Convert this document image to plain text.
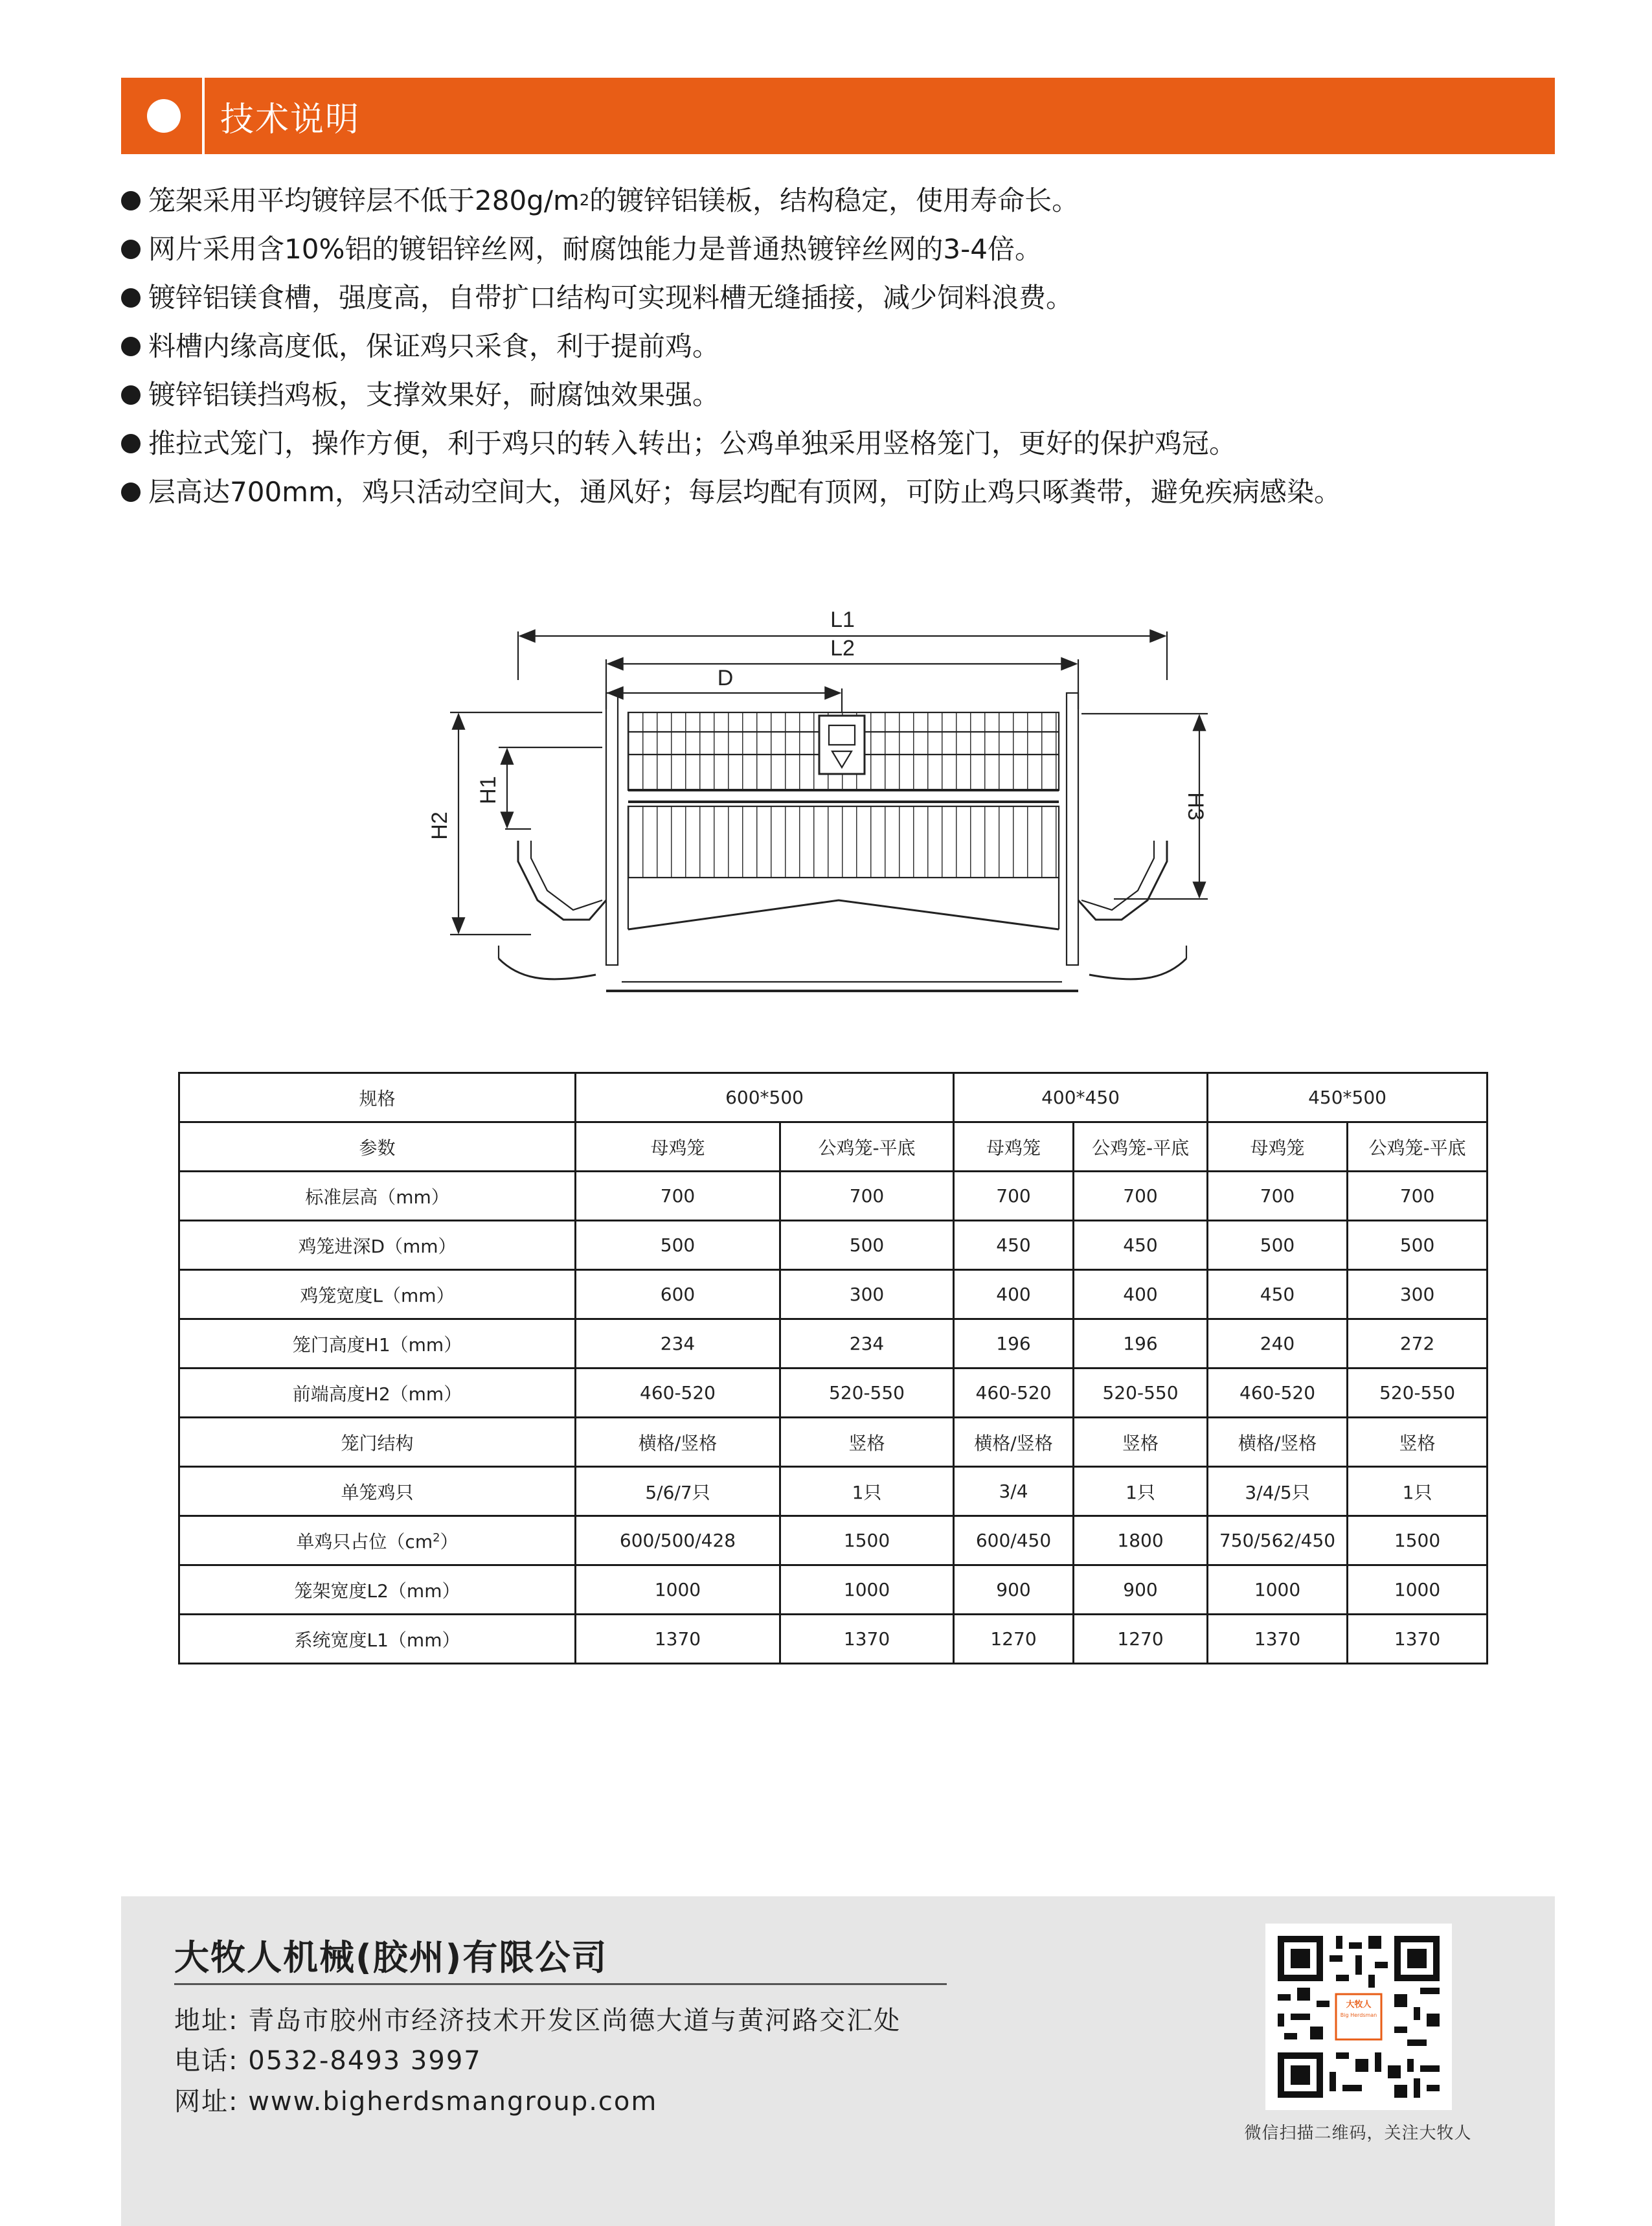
技术说明
笼架采用平均镀锌层不低于280g/m 2 的镀锌铝镁板，结构稳定，使用寿命长。
网片采用含10%铝的镀铝锌丝网，耐腐蚀能力是普通热镀锌丝网的3-4倍。
镀锌铝镁食槽，强度高，自带扩口结构可实现料槽无缝插接，减少饲料浪费。
料槽内缘高度低，保证鸡只采食，利于提前鸡。
镀锌铝镁挡鸡板，支撑效果好，耐腐蚀效果强。
推拉式笼门，操作方便，利于鸡只的转入转出；公鸡单独采用竖格笼门，更好的保护鸡冠。
层高达700mm，鸡只活动空间大，通风好；每层均配有顶网，可防止鸡只啄粪带，避免疾病感染。
L1
L2
D
H2
H1
H3
规格	600*500		400*450		450*500	
参数	母鸡笼	公鸡笼-平底	母鸡笼	公鸡笼-平底	母鸡笼	公鸡笼-平底
标准层高（mm）	700	700	700	700	700	700
鸡笼进深D（mm）	500	500	450	450	500	500
鸡笼宽度L（mm）	600	300	400	400	450	300
笼门高度H1（mm）	234	234	196	196	240	272
前端高度H2（mm）	460-520	520-550	460-520	520-550	460-520	520-550
笼门结构	横格/竖格	竖格	横格/竖格	竖格	横格/竖格	竖格
单笼鸡只	5/6/7只	1只	3/4	1只	3/4/5只	1只
单鸡只占位$(cm^2)$	600/500/428	1500	600/450	1800	750/562/450	1500
笼架宽度L2（mm）	1000	1000	900	900	1000	1000
系统宽度L1（mm）	1370	1370	1270	1270	1370	1370
大牧人机械(胶州)有限公司
地址: 青岛市胶州市经济技术开发区尚德大道与黄河路交汇处
电话: 0532-8493 3997
网址: www.bigherdsmangroup.com
大牧人
Big Herdsman
微信扫描二维码，关注大牧人
